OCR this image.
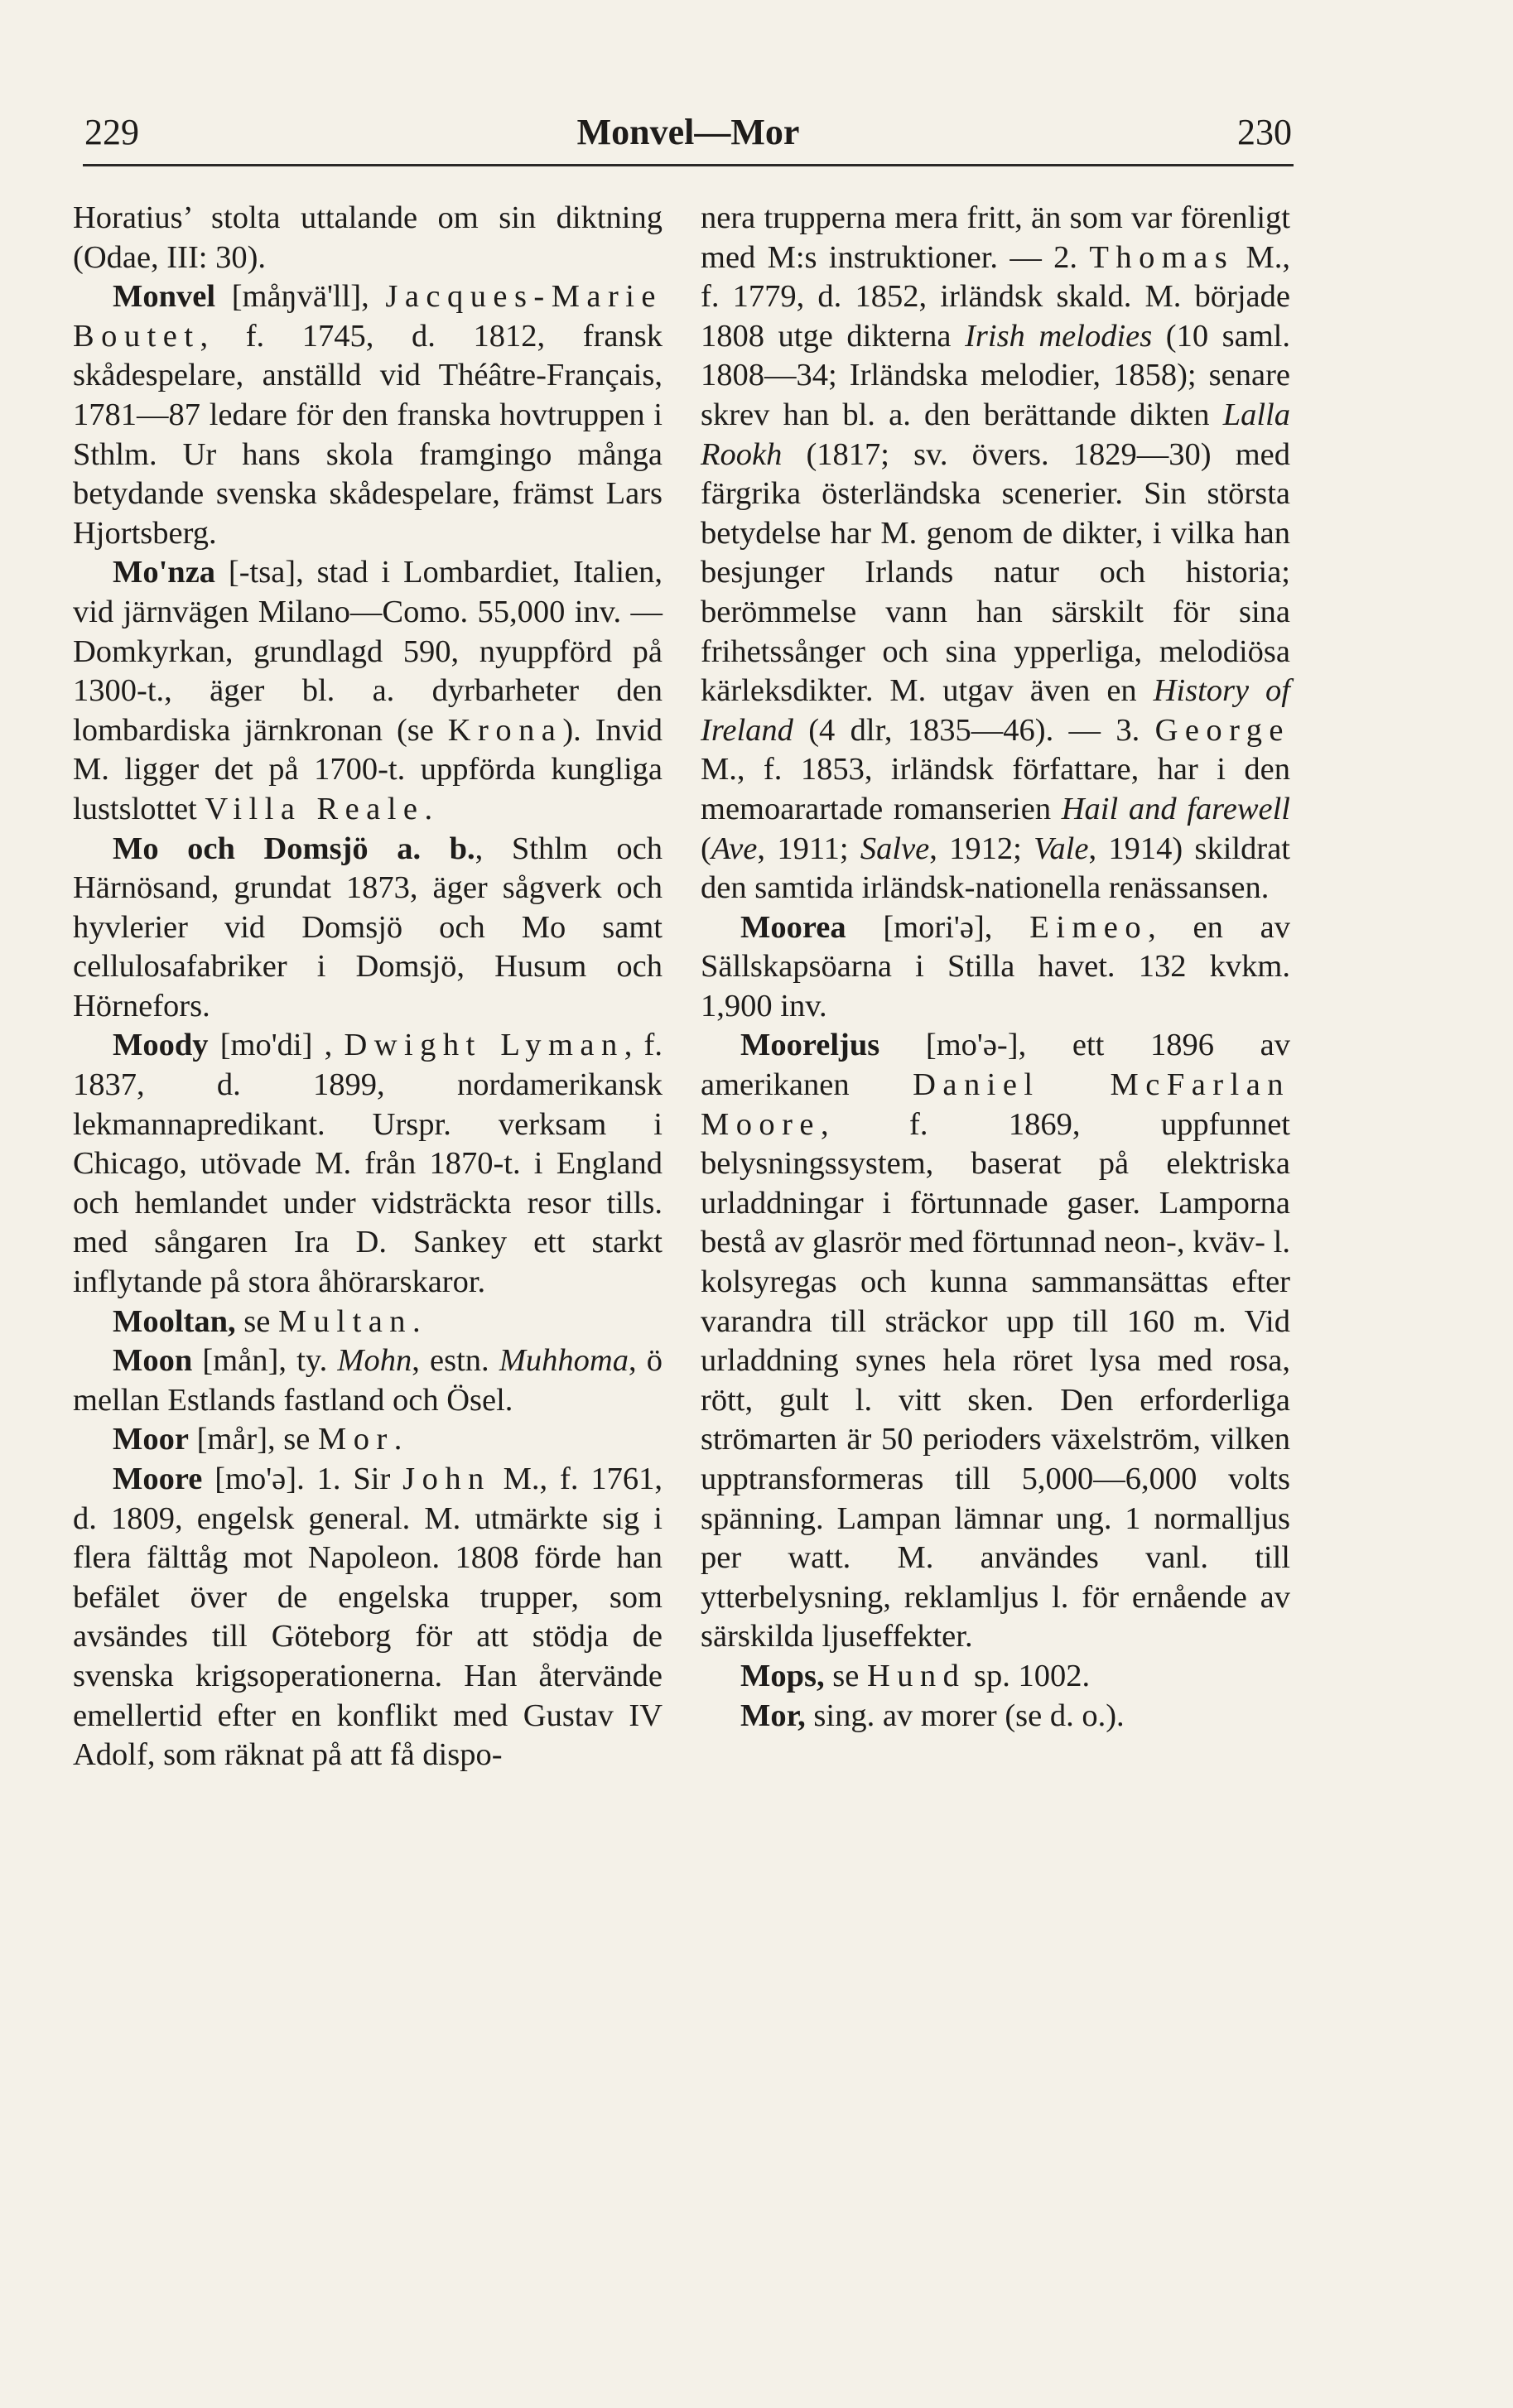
229	Monvel—Mor	230

Horatius’ stolta uttalande om sin diktning (Odae, III: 30).

Monvel [måŋvä'll], Jacques-Marie Boutet, f. 1745, d. 1812, fransk skådespelare, anställd vid Théâtre-Français, 1781—87 ledare för den franska hovtruppen i Sthlm. Ur hans skola framgingo många betydande svenska skådespelare, främst Lars Hjortsberg.

Mo'nza [-tsa], stad i Lombardiet, Italien, vid järnvägen Milano—Como. 55,000 inv. — Domkyrkan, grundlagd 590, nyuppförd på 1300-t., äger bl. a. dyrbarheter den lombardiska järnkronan (se Krona). Invid M. ligger det på 1700-t. uppförda kungliga lustslottet Villa Reale.

Mo och Domsjö a. b., Sthlm och Härnösand, grundat 1873, äger sågverk och hyvlerier vid Domsjö och Mo samt cellulosafabriker i Domsjö, Husum och Hörnefors.

Moody [mo'di] , Dwight Lyman, f. 1837, d. 1899, nordamerikansk lekmannapredikant. Urspr. verksam i Chicago, utövade M. från 1870-t. i England och hemlandet under vidsträckta resor tills. med sångaren Ira D. Sankey ett starkt inflytande på stora åhörarskaror.

Mooltan, se Multan.

Moon [mån], ty. Mohn, estn. Muhhoma, ö mellan Estlands fastland och Ösel.

Moor [mår], se Mor.

Moore [mo'ə]. 1. Sir John M., f. 1761, d. 1809, engelsk general. M. utmärkte sig i flera fälttåg mot Napoleon. 1808 förde han befälet över de engelska trupper, som avsändes till Göteborg för att stödja de svenska krigsoperationerna. Han återvände emellertid efter en konflikt med Gustav IV Adolf, som räknat på att få dispo-

nera trupperna mera fritt, än som var förenligt med M:s instruktioner. — 2. Thomas M., f. 1779, d. 1852, irländsk skald. M. började 1808 utge dikterna Irish melodies (10 saml. 1808—34; Irländska melodier, 1858); senare skrev han bl. a. den berättande dikten Lalla Rookh (1817; sv. övers. 1829—30) med färgrika österländska scenerier. Sin största betydelse har M. genom de dikter, i vilka han besjunger Irlands natur och historia; berömmelse vann han särskilt för sina frihetssånger och sina ypperliga, melodiösa kärleksdikter. M. utgav även en History of Ireland (4 dlr, 1835—46). — 3. George M., f. 1853, irländsk författare, har i den memoarartade romanserien Hail and farewell (Ave, 1911; Salve, 1912; Vale, 1914) skildrat den samtida irländsk-nationella renässansen.

Moorea [mori'ə], Eimeo, en av Sällskapsöarna i Stilla havet. 132 kvkm. 1,900 inv.

Mooreljus [mo'ə-], ett 1896 av amerikanen Daniel McFarlan Moore, f. 1869, uppfunnet belysningssystem, baserat på elektriska urladdningar i förtunnade gaser. Lamporna bestå av glasrör med förtunnad neon-, kväv- l. kolsyregas och kunna sammansättas efter varandra till sträckor upp till 160 m. Vid urladdning synes hela röret lysa med rosa, rött, gult l. vitt sken. Den erforderliga strömarten är 50 perioders växelström, vilken upptransformeras till 5,000—6,000 volts spänning. Lampan lämnar ung. 1 normalljus per watt. M. användes vanl. till ytterbelysning, reklamljus l. för ernående av särskilda ljuseffekter.

Mops, se Hund sp. 1002.

Mor, sing. av morer (se d. o.).
